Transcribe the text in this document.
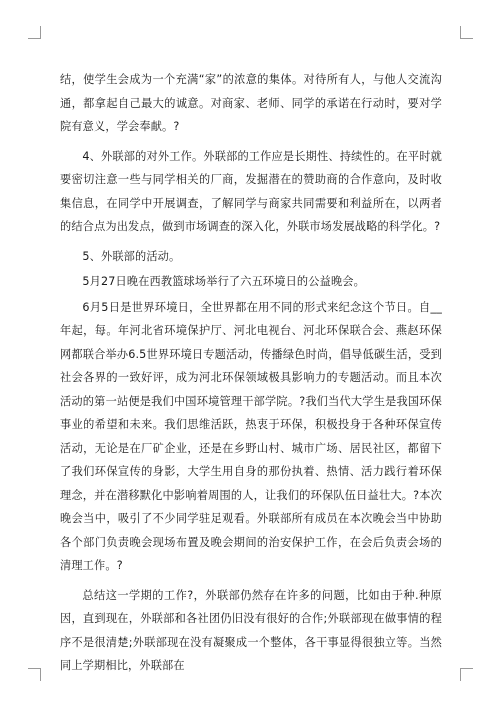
结，使学生会成为一个充满“家”的浓意的集体。对待所有人，与他人交流沟通，都拿起自己最大的诚意。对商家、老师、同学的承诺在行动时，要对学院有意义，学会奉献。?

4、外联部的对外工作。外联部的工作应是长期性、持续性的。在平时就要密切注意一些与同学相关的厂商，发掘潜在的赞助商的合作意向，及时收集信息，在同学中开展调查，了解同学与商家共同需要和利益所在，以两者的结合点为出发点，做到市场调查的深入化，外联市场发展战略的科学化。?

5、外联部的活动。

5月27日晚在西教篮球场举行了六五环境日的公益晚会。

6月5日是世界环境日，全世界都在用不同的形式来纪念这个节日。自__年起，每。年河北省环境保护厅、河北电视台、河北环保联合会、燕赵环保网都联合举办6.5世界环境日专题活动，传播绿色时尚，倡导低碳生活，受到社会各界的一致好评，成为河北环保领域极具影响力的专题活动。而且本次活动的第一站便是我们中国环境管理干部学院。?我们当代大学生是我国环保事业的希望和未来。我们思维活跃，热衷于环保，积极投身于各种环保宣传活动，无论是在厂矿企业，还是在乡野山村、城市广场、居民社区，都留下了我们环保宣传的身影，大学生用自身的那份执着、热情、活力践行着环保理念，并在潜移默化中影响着周围的人，让我们的环保队伍日益壮大。?本次晚会当中，吸引了不少同学驻足观看。外联部所有成员在本次晚会当中协助各个部门负责晚会现场布置及晚会期间的治安保护工作，在会后负责会场的清理工作。?

总结这一学期的工作?，外联部仍然存在许多的问题，比如由于种.种原因，直到现在，外联部和各社团仍旧没有很好的合作;外联部现在做事情的程序不是很清楚;外联部现在没有凝聚成一个整体，各干事显得很独立等。当然同上学期相比，外联部在
